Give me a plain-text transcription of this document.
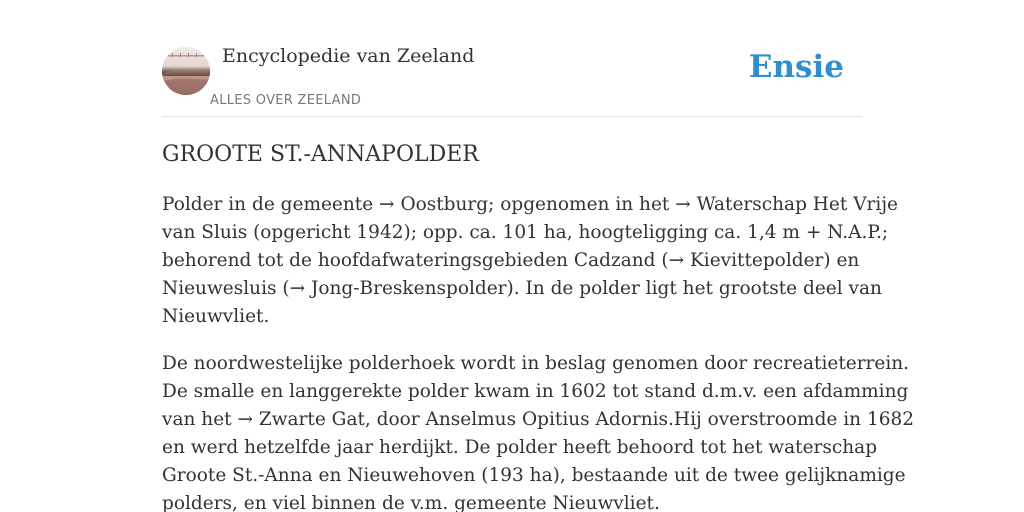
Encyclopedie van Zeeland
ALLES OVER ZEELAND
Ensie
GROOTE ST.-ANNAPOLDER

Polder in de gemeente → Oostburg; opgenomen in het → Waterschap Het Vrije
van Sluis (opgericht 1942); opp. ca. 101 ha, hoogteligging ca. 1,4 m + N.A.P.;
behorend tot de hoofdafwateringsgebieden Cadzand (→ Kievittepolder) en
Nieuwesluis (→ Jong-Breskenspolder). In de polder ligt het grootste deel van
Nieuwvliet.

De noordwestelijke polderhoek wordt in beslag genomen door recreatieterrein.
De smalle en langgerekte polder kwam in 1602 tot stand d.m.v. een afdamming
van het → Zwarte Gat, door Anselmus Opitius Adornis.Hij overstroomde in 1682
en werd hetzelfde jaar herdijkt. De polder heeft behoord tot het waterschap
Groote St.-Anna en Nieuwehoven (193 ha), bestaande uit de twee gelijknamige
polders, en viel binnen de v.m. gemeente Nieuwvliet.
